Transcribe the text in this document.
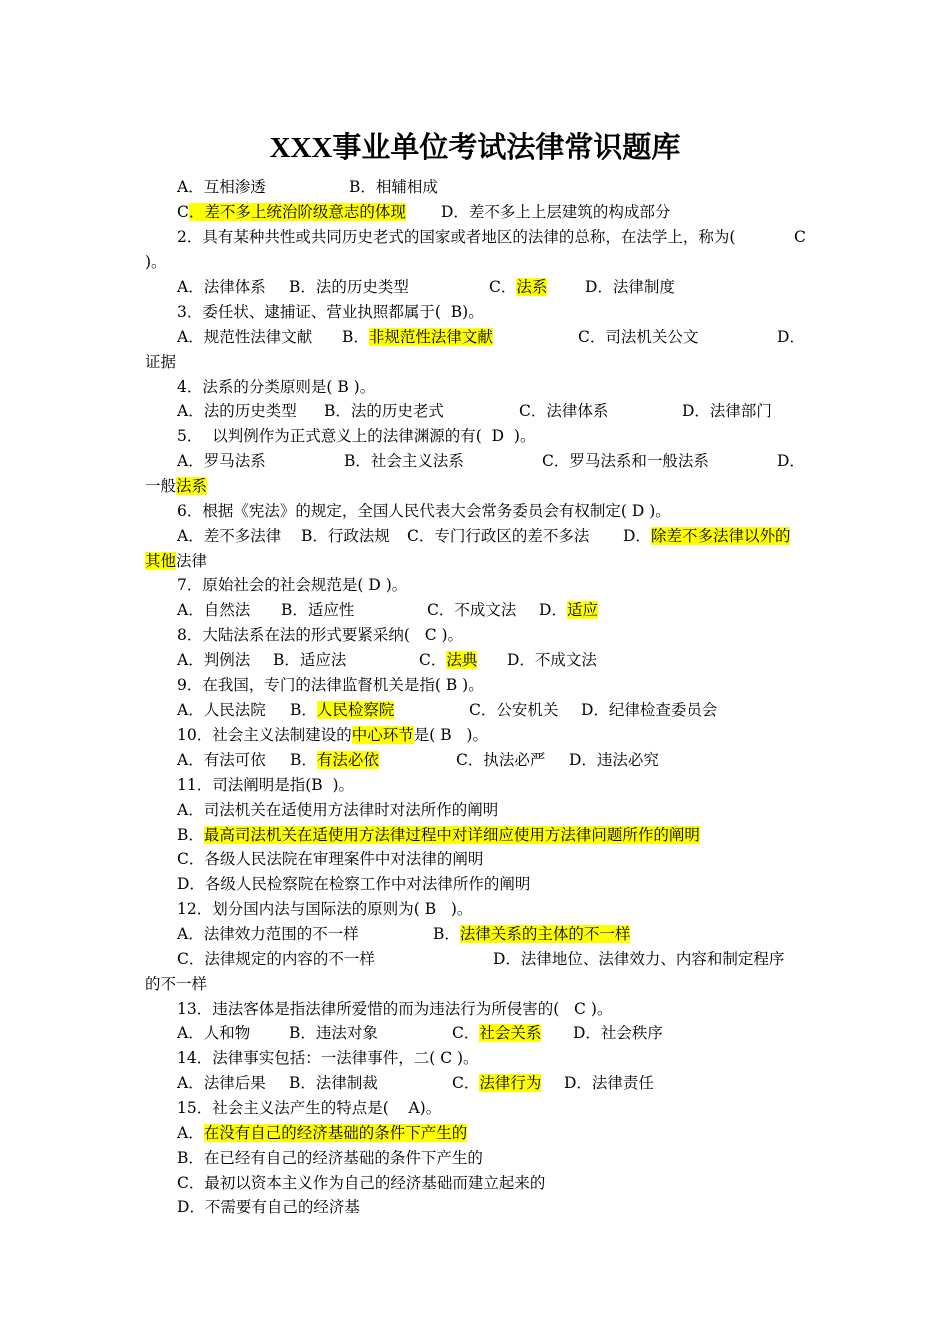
XXX事业单位考试法律常识题库
A．互相渗透	B．相辅相成
C．差不多上统治阶级意志的体现 D．差不多上上层建筑的构成部分
2．具有某种共性或共同历史老式的国家或者地区的法律的总称，在法学上，称为(	C
)。
A．法律体系 B．法的历史类型	C．法系 D．法律制度
3．委任状、逮捕证、营业执照都属于(  B)。
A．规范性法律文献 B．非规范性法律文献	C．司法机关公文	D．
证据
4．法系的分类原则是( B )。
A．法的历史类型 B．法的历史老式	C．法律体系	D．法律部门
5．  以判例作为正式意义上的法律渊源的有(  D  )。
A．罗马法系	B．社会主义法系	C．罗马法系和一般法系	D．
一般法系
6．根据《宪法》的规定，全国人民代表大会常务委员会有权制定( D )。
A．差不多法律 B．行政法规 C．专门行政区的差不多法 D．除差不多法律以外的
其他法律
7．原始社会的社会规范是( D )。
A．自然法 B．适应性	C．不成文法 D．适应
8．大陆法系在法的形式要紧采纳(   C )。
A．判例法 B．适应法	C．法典 D．不成文法
9．在我国，专门的法律监督机关是指( B )。
A．人民法院 B．人民检察院	C．公安机关 D．纪律检查委员会
10．社会主义法制建设的中心环节是( B   )。
A．有法可依 B．有法必依	C．执法必严 D．违法必究
11．司法阐明是指(B  )。
A．司法机关在适使用方法律时对法所作的阐明
B．最高司法机关在适使用方法律过程中对详细应使用方法律问题所作的阐明
C．各级人民法院在审理案件中对法律的阐明
D．各级人民检察院在检察工作中对法律所作的阐明
12．划分国内法与国际法的原则为( B   )。
A．法律效力范围的不一样	B．法律关系的主体的不一样
C．法律规定的内容的不一样	D．法律地位、法律效力、内容和制定程序
的不一样
13．违法客体是指法律所爱惜的而为违法行为所侵害的(   C )。
A．人和物	B．违法对象	C．社会关系 D．社会秩序
14．法律事实包括：一法律事件，二( C )。
A．法律后果 B．法律制裁	C．法律行为 D．法律责任
15．社会主义法产生的特点是(    A)。
A．在没有自己的经济基础的条件下产生的
B．在已经有自己的经济基础的条件下产生的
C．最初以资本主义作为自己的经济基础而建立起来的
D．不需要有自己的经济基
